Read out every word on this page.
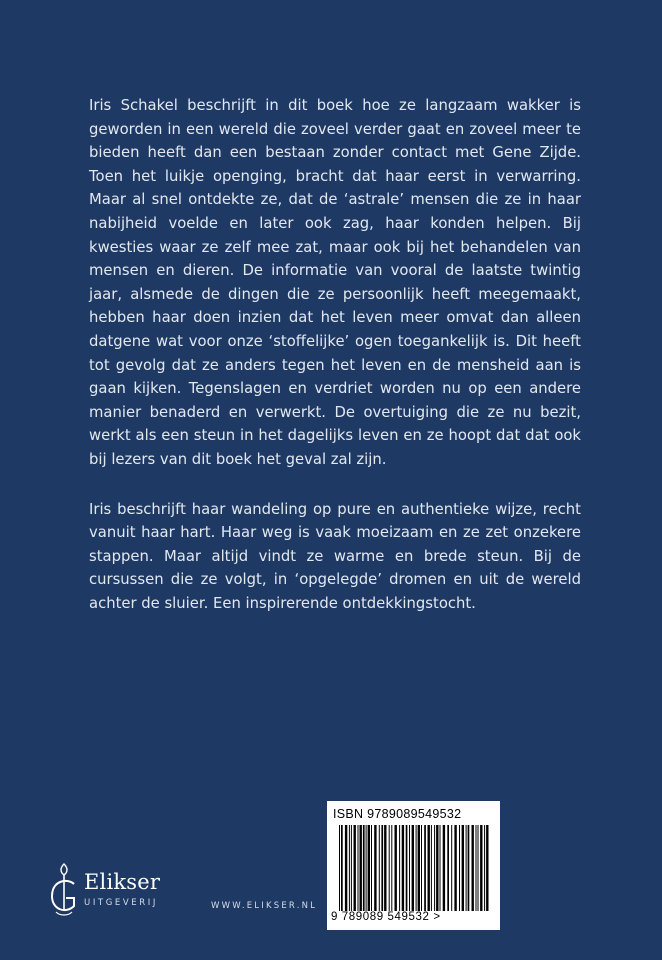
Iris Schakel beschrijft in dit boek hoe ze langzaam wakker is geworden in een wereld die zoveel verder gaat en zoveel meer te bieden heeft dan een bestaan zonder contact met Gene Zijde. Toen het luikje openging, bracht dat haar eerst in verwarring. Maar al snel ontdekte ze, dat de ‘astrale’ mensen die ze in haar nabijheid voelde en later ook zag, haar konden helpen. Bij kwesties waar ze zelf mee zat, maar ook bij het behandelen van mensen en dieren. De informatie van vooral de laatste twintig jaar, alsmede de dingen die ze persoonlijk heeft meegemaakt, hebben haar doen inzien dat het leven meer omvat dan alleen datgene wat voor onze ‘stoffelijke’ ogen toegankelijk is. Dit heeft tot gevolg dat ze anders tegen het leven en de mensheid aan is gaan kijken. Tegenslagen en verdriet worden nu op een andere manier benaderd en verwerkt. De overtuiging die ze nu bezit, werkt als een steun in het dagelijks leven en ze hoopt dat dat ook bij lezers van dit boek het geval zal zijn.

Iris beschrijft haar wandeling op pure en authentieke wijze, recht vanuit haar hart. Haar weg is vaak moeizaam en ze zet onzekere stappen. Maar altijd vindt ze warme en brede steun. Bij de cursussen die ze volgt, in ‘opgelegde’ dromen en uit de wereld achter de sluier. Een inspirerende ontdekkingstocht.

Elikser
UITGEVERIJ	WWW.ELIKSER.NL
ISBN 9789089549532
9 789089 549532 >
